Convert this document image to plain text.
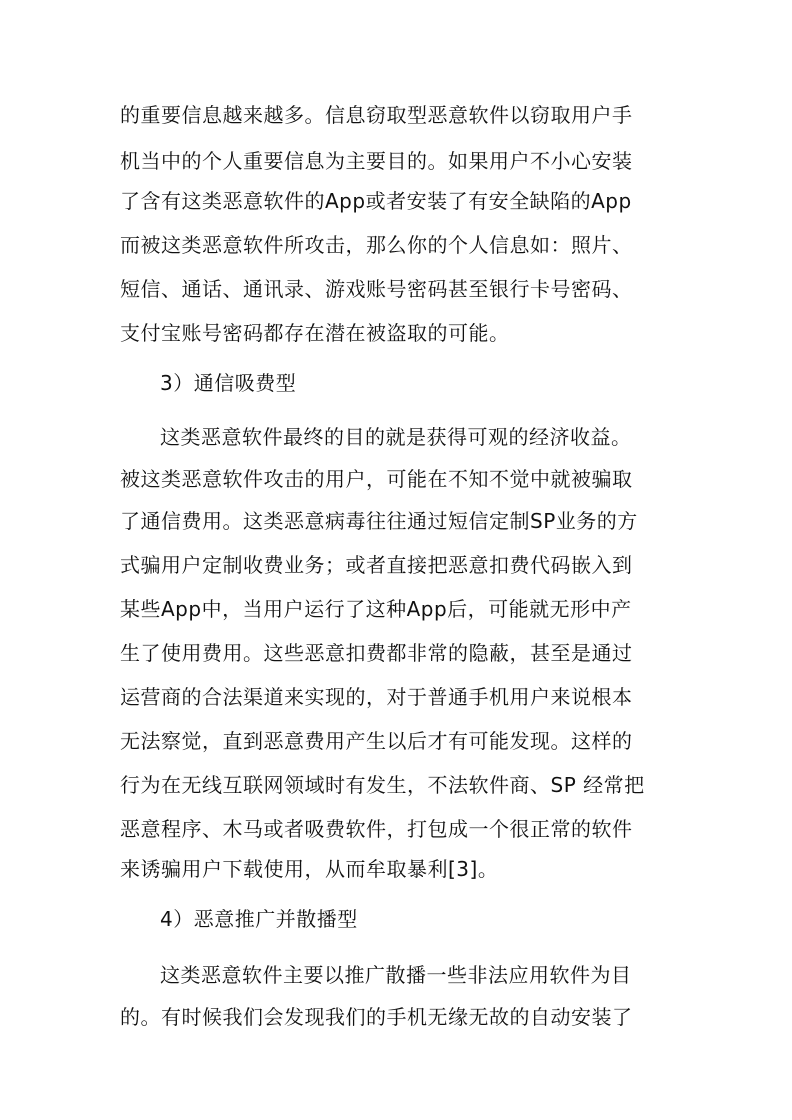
的重要信息越来越多。信息窃取型恶意软件以窃取用户手
机当中的个人重要信息为主要目的。如果用户不小心安装
了含有这类恶意软件的App或者安装了有安全缺陷的App
而被这类恶意软件所攻击，那么你的个人信息如：照片、
短信、通话、通讯录、游戏账号密码甚至银行卡号密码、
支付宝账号密码都存在潜在被盗取的可能。
3）通信吸费型
这类恶意软件最终的目的就是获得可观的经济收益。
被这类恶意软件攻击的用户，可能在不知不觉中就被骗取
了通信费用。这类恶意病毒往往通过短信定制SP业务的方
式骗用户定制收费业务；或者直接把恶意扣费代码嵌入到
某些App中，当用户运行了这种App后，可能就无形中产
生了使用费用。这些恶意扣费都非常的隐蔽，甚至是通过
运营商的合法渠道来实现的，对于普通手机用户来说根本
无法察觉，直到恶意费用产生以后才有可能发现。这样的
行为在无线互联网领域时有发生，不法软件商、SP 经常把
恶意程序、木马或者吸费软件，打包成一个很正常的软件
来诱骗用户下载使用，从而牟取暴利[3]。
4）恶意推广并散播型
这类恶意软件主要以推广散播一些非法应用软件为目
的。有时候我们会发现我们的手机无缘无故的自动安装了
